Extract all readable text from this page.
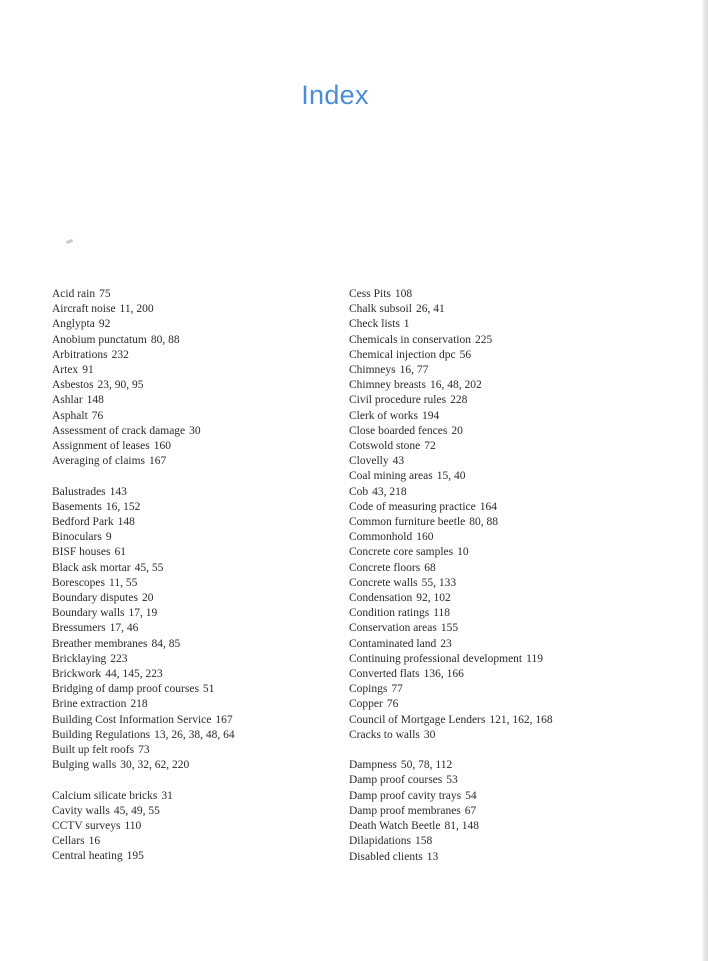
Index
Acid rain 75
Aircraft noise 11, 200
Anglypta 92
Anobium punctatum 80, 88
Arbitrations 232
Artex 91
Asbestos 23, 90, 95
Ashlar 148
Asphalt 76
Assessment of crack damage 30
Assignment of leases 160
Averaging of claims 167
Balustrades 143
Basements 16, 152
Bedford Park 148
Binoculars 9
BISF houses 61
Black ask mortar 45, 55
Borescopes 11, 55
Boundary disputes 20
Boundary walls 17, 19
Bressumers 17, 46
Breather membranes 84, 85
Bricklaying 223
Brickwork 44, 145, 223
Bridging of damp proof courses 51
Brine extraction 218
Building Cost Information Service 167
Building Regulations 13, 26, 38, 48, 64
Built up felt roofs 73
Bulging walls 30, 32, 62, 220
Calcium silicate bricks 31
Cavity walls 45, 49, 55
CCTV surveys 110
Cellars 16
Central heating 195
Cess Pits 108
Chalk subsoil 26, 41
Check lists 1
Chemicals in conservation 225
Chemical injection dpc 56
Chimneys 16, 77
Chimney breasts 16, 48, 202
Civil procedure rules 228
Clerk of works 194
Close boarded fences 20
Cotswold stone 72
Clovelly 43
Coal mining areas 15, 40
Cob 43, 218
Code of measuring practice 164
Common furniture beetle 80, 88
Commonhold 160
Concrete core samples 10
Concrete floors 68
Concrete walls 55, 133
Condensation 92, 102
Condition ratings 118
Conservation areas 155
Contaminated land 23
Continuing professional development 119
Converted flats 136, 166
Copings 77
Copper 76
Council of Mortgage Lenders 121, 162, 168
Cracks to walls 30
Dampness 50, 78, 112
Damp proof courses 53
Damp proof cavity trays 54
Damp proof membranes 67
Death Watch Beetle 81, 148
Dilapidations 158
Disabled clients 13
